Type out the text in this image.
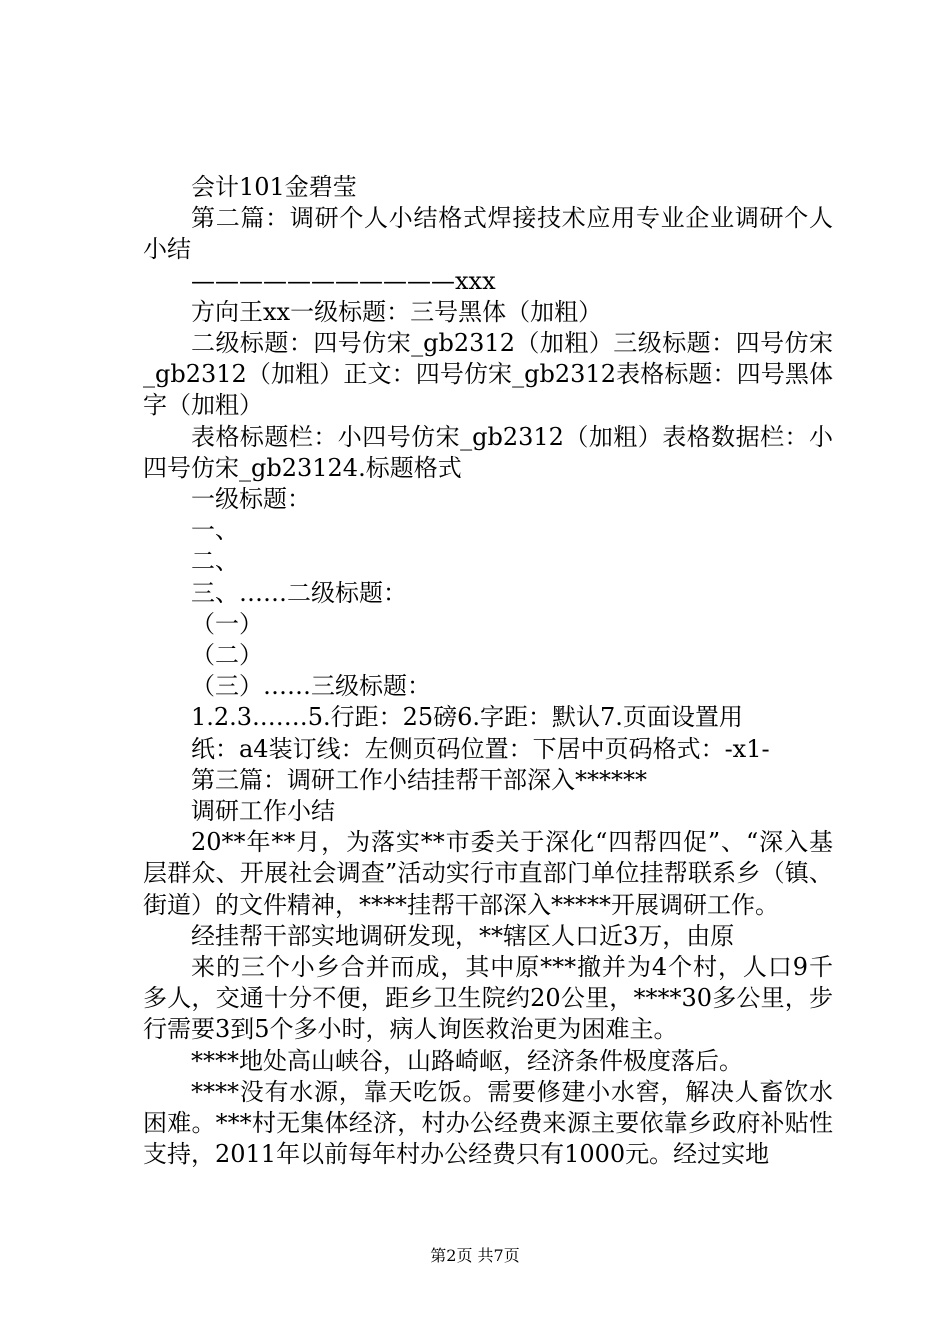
会计101金碧莹

第二篇：调研个人小结格式焊接技术应用专业企业调研个人小结

———————————xxx

方向王xx一级标题：三号黑体（加粗）

二级标题：四号仿宋_gb2312（加粗）三级标题：四号仿宋_gb2312（加粗）正文：四号仿宋_gb2312表格标题：四号黑体字（加粗）

表格标题栏：小四号仿宋_gb2312（加粗）表格数据栏：小四号仿宋_gb23124.标题格式

一级标题：

一、

二、

三、……二级标题：

（一）

（二）

（三）……三级标题：

1.2.3.……5.行距：25磅6.字距：默认7.页面设置用

纸：a4装订线：左侧页码位置：下居中页码格式：-x1-

第三篇：调研工作小结挂帮干部深入******

调研工作小结

20**年**月，为落实**市委关于深化“四帮四促”、“深入基层群众、开展社会调查”活动实行市直部门单位挂帮联系乡（镇、街道）的文件精神，****挂帮干部深入*****开展调研工作。

经挂帮干部实地调研发现，**辖区人口近3万，由原

来的三个小乡合并而成，其中原***撤并为4个村，人口9千多人，交通十分不便，距乡卫生院约20公里，****30多公里，步行需要3到5个多小时，病人询医救治更为困难主。

****地处高山峡谷，山路崎岖，经济条件极度落后。

****没有水源，靠天吃饭。需要修建小水窖，解决人畜饮水困难。***村无集体经济，村办公经费来源主要依靠乡政府补贴性支持，2011年以前每年村办公经费只有1000元。经过实地

第2页 共7页
